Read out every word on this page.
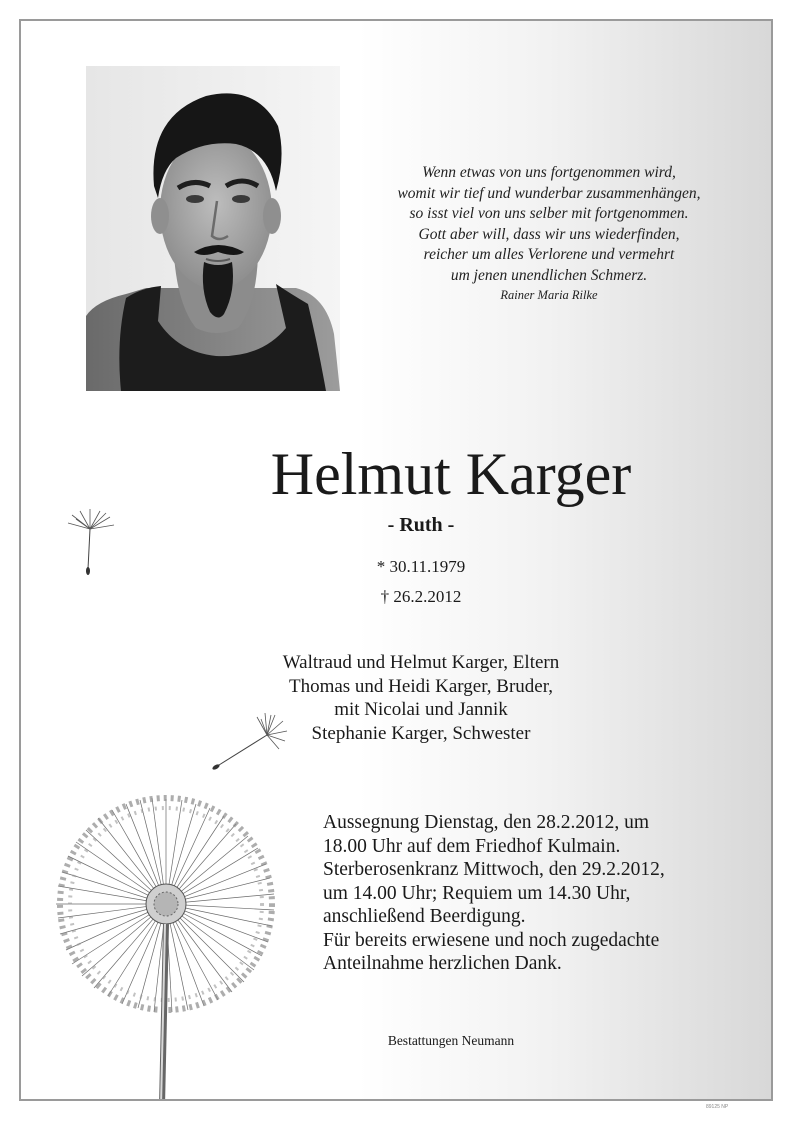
Wenn etwas von uns fortgenommen wird,
womit wir tief und wunderbar zusammenhängen,
so isst viel von uns selber mit fortgenommen.
Gott aber will, dass wir uns wiederfinden,
reicher um alles Verlorene und vermehrt
um jenen unendlichen Schmerz.
Rainer Maria Rilke
Helmut Karger
- Ruth -
* 30.11.1979
† 26.2.2012
Waltraud und Helmut Karger, Eltern
Thomas und Heidi Karger, Bruder,
mit Nicolai und Jannik
Stephanie Karger, Schwester
Aussegnung Dienstag, den 28.2.2012, um
18.00 Uhr auf dem Friedhof Kulmain.
Sterberosenkranz Mittwoch, den 29.2.2012,
um 14.00 Uhr; Requiem um 14.30 Uhr,
anschließend Beerdigung.
Für bereits erwiesene und noch zugedachte
Anteilnahme herzlichen Dank.
Bestattungen Neumann
89125 NP
